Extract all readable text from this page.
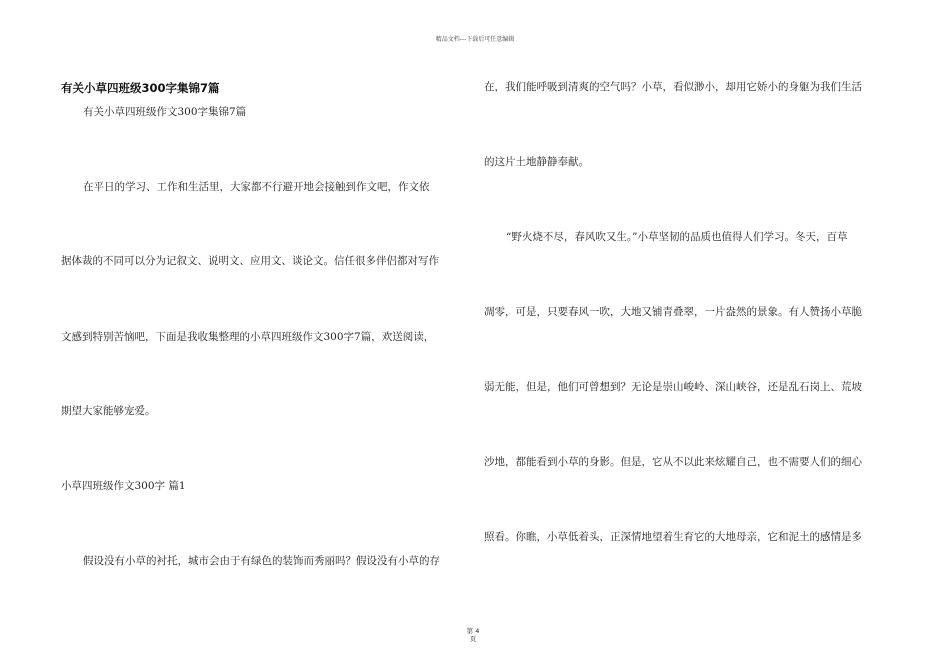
精品文档---下载后可任意编辑
有关小草四班级300字集锦7篇
有关小草四班级作文300字集锦7篇
在平日的学习、工作和生活里，大家都不行避开地会接触到作文吧，作文依
据体裁的不同可以分为记叙文、说明文、应用文、谈论文。信任很多伴侣都对写作
文感到特别苦恼吧，下面是我收集整理的小草四班级作文300字7篇，欢送阅读，
期望大家能够宠爱。
小草四班级作文300字 篇1
假设没有小草的衬托，城市会由于有绿色的装饰而秀丽吗？假设没有小草的存
在，我们能呼吸到清爽的空气吗？小草，看似渺小，却用它娇小的身躯为我们生活
的这片土地静静奉献。
“野火烧不尽，春风吹又生。”小草坚韧的品质也值得人们学习。冬天，百草
凋零，可是，只要春风一吹，大地又铺青叠翠，一片盎然的景象。有人赞扬小草脆
弱无能，但是，他们可曾想到？无论是崇山峻岭、深山峡谷，还是乱石岗上、荒坡
沙地，都能看到小草的身影。但是，它从不以此来炫耀自己，也不需要人们的细心
照看。你瞧，小草低着头，正深情地望着生育它的大地母亲，它和泥土的感情是多
第 4
页
